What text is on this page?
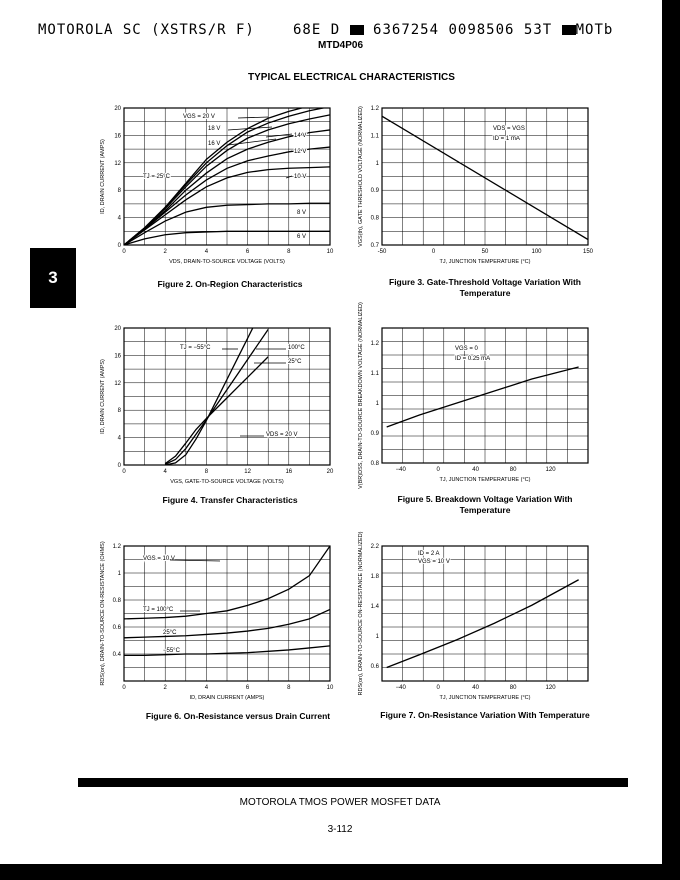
3
MOTOROLA SC (XSTRS/R F)	68E D 6367254 0098506 53T MOTb
MTD4P06
TYPICAL ELECTRICAL CHARACTERISTICS
0	2	4	6	8	10
0
4
8
12
16
20
VDS, DRAIN-TO-SOURCE VOLTAGE (VOLTS)
ID, DRAIN CURRENT (AMPS)
VGS = 20 V
18 V
16 V
14 V
12 V
10 V
8 V
6 V
TJ = 25°C
-50	0	50	100	150
0.7
0.8
0.9
1
1.1
1.2
TJ, JUNCTION TEMPERATURE (°C)
VGS(th), GATE THRESHOLD VOLTAGE (NORMALIZED)	VDS = VGS
ID = 1 mA
0	4	8	12	16	20
0
4
8
12
16
20
VGS, GATE-TO-SOURCE VOLTAGE (VOLTS)
ID, DRAIN CURRENT (AMPS)
TJ = −55°C	100°C
25°C
VDS = 20 V
−40	0	40	80	120
0.8
0.9
1
1.1
1.2
TJ, JUNCTION TEMPERATURE (°C)
V(BR)DSS, DRAIN-TO-SOURCE BREAKDOWN VOLTAGE (NORMALIZED)	VGS = 0
ID = 0.25 mA
0	2	4	6	8	10
0.4
0.6
0.8
1
1.2
ID, DRAIN CURRENT (AMPS)
RDS(on), DRAIN-TO-SOURCE ON-RESISTANCE (OHMS)	VGS = 10 V
TJ = 100°C
25°C
−55°C
−40	0	40	80	120
0.6
1
1.4
1.8
2.2
TJ, JUNCTION TEMPERATURE (°C)
RDS(on), DRAIN-TO-SOURCE ON-RESISTANCE (NORMALIZED)	ID = 2 A
VGS = 10 V
Figure 2. On-Region Characteristics	Figure 3. Gate-Threshold Voltage Variation With Temperature
Figure 4. Transfer Characteristics	Figure 5. Breakdown Voltage Variation With Temperature
Figure 6. On-Resistance versus Drain Current	Figure 7. On-Resistance Variation With Temperature
MOTOROLA TMOS POWER MOSFET DATA
3-112
